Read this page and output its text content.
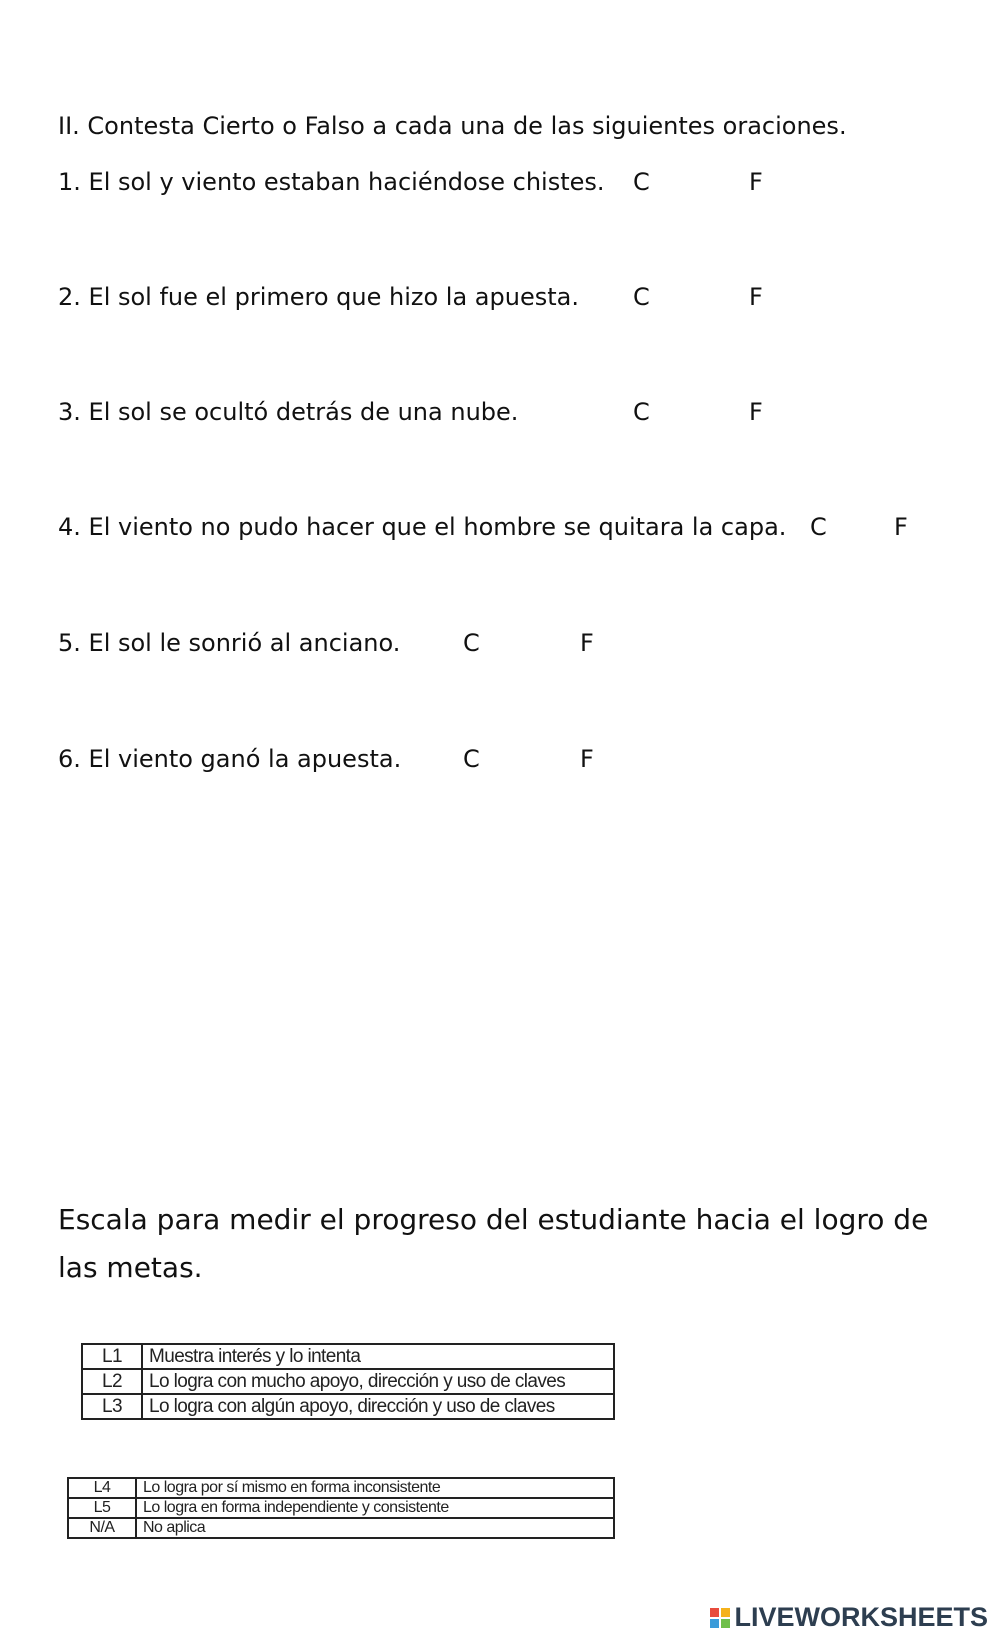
II. Contesta Cierto o Falso a cada una de las siguientes oraciones.
1. El sol y viento estaban haciéndose chistes. C	F
2. El sol fue el primero que hizo la apuesta. C	F
3. El sol se ocultó detrás de una nube.	C	F
4. El viento no pudo hacer que el hombre se quitara la capa. C	F
5. El sol le sonrió al anciano.	C	F
6. El viento ganó la apuesta.	C	F
Escala para medir el progreso del estudiante hacia el logro de las metas.
L1	Muestra interés y lo intenta
L2	Lo logra con mucho apoyo, dirección y uso de claves
L3	Lo logra con algún apoyo, dirección y uso de claves
L4	Lo logra por sí mismo en forma inconsistente
L5	Lo logra en forma independiente y consistente
N/A	No aplica
LIVEWORKSHEETS
